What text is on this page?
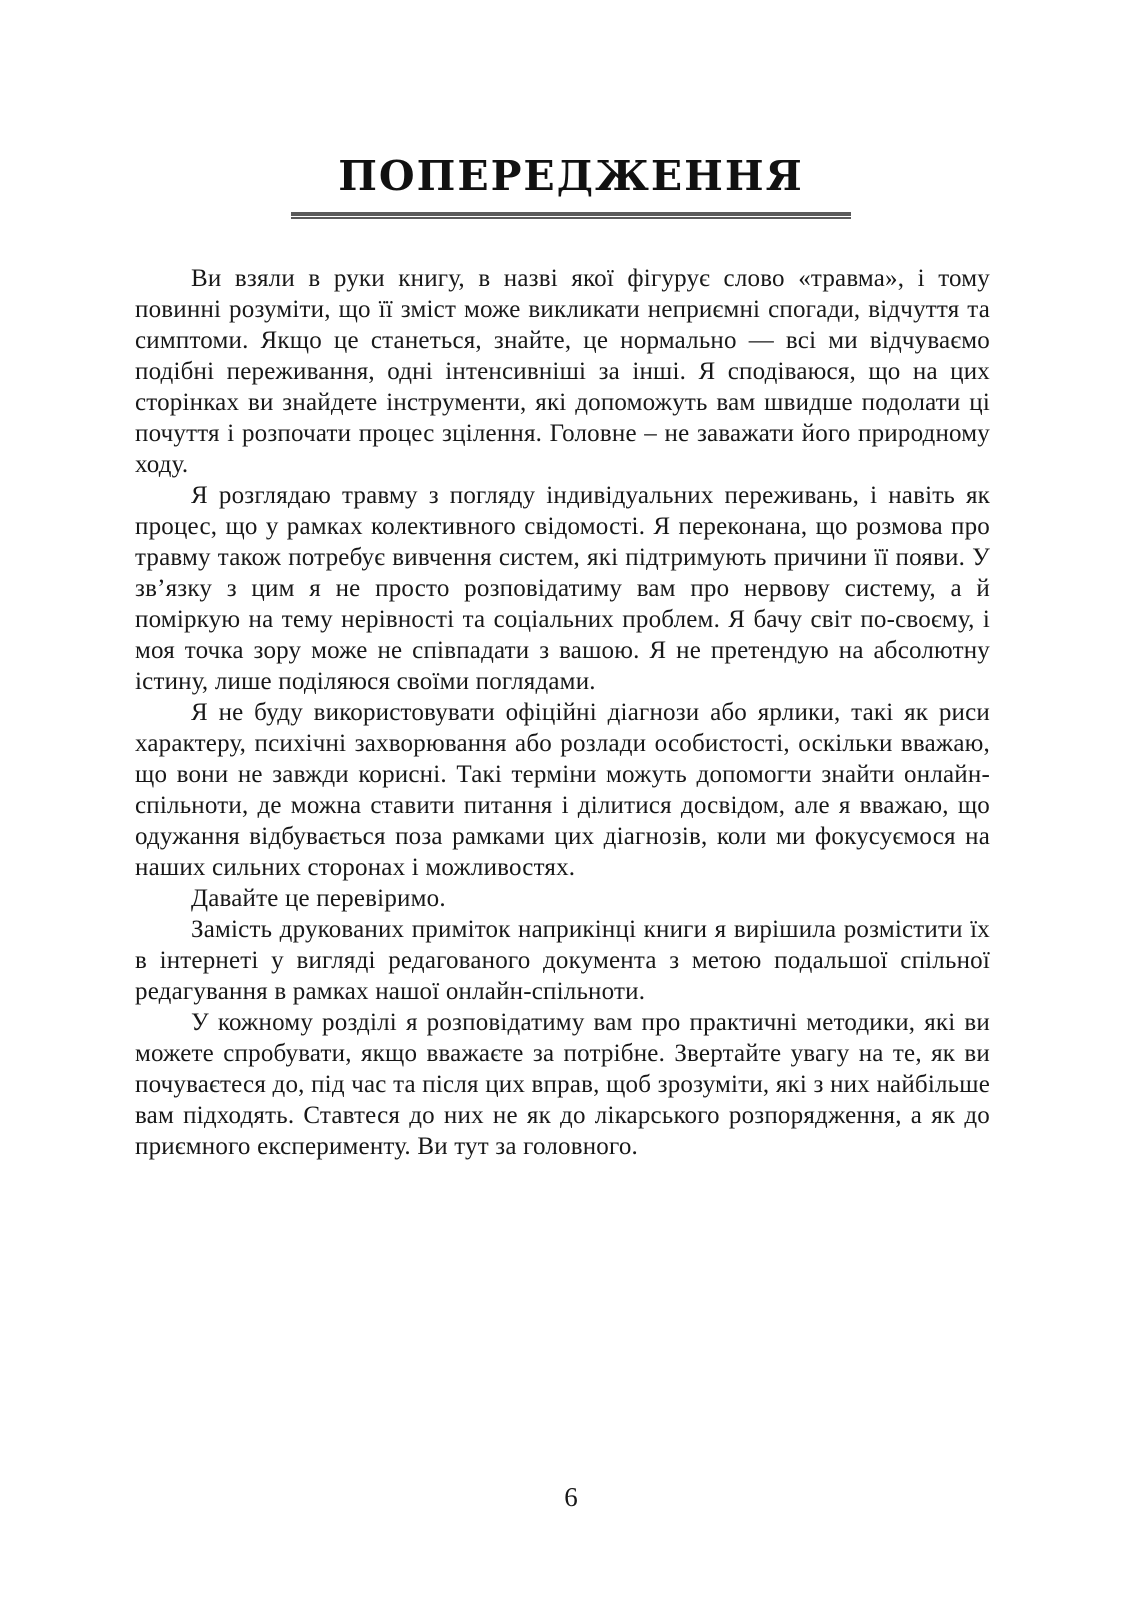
ПОПЕРЕДЖЕННЯ

Ви взяли в руки книгу, в назві якої фігурує слово «травма», і тому повинні розуміти, що її зміст може викликати неприємні спогади, відчуття та симптоми. Якщо це станеться, знайте, це нормально — всі ми відчуваємо подібні переживання, одні інтенсивніші за інші. Я сподіваюся, що на цих сторінках ви знайдете інструменти, які допоможуть вам швидше подолати ці почуття і розпочати процес зцілення. Головне – не заважати його природному ходу.

Я розглядаю травму з погляду індивідуальних переживань, і навіть як процес, що у рамках колективного свідомості. Я переконана, що розмова про травму також потребує вивчення систем, які підтримують причини її появи. У зв’язку з цим я не просто розповідатиму вам про нервову систему, а й поміркую на тему нерівності та соціальних проблем. Я бачу світ по-своєму, і моя точка зору може не співпадати з вашою. Я не претендую на абсолютну істину, лише поділяюся своїми поглядами.

Я не буду використовувати офіційні діагнози або ярлики, такі як риси характеру, психічні захворювання або розлади особистості, оскільки вважаю, що вони не завжди корисні. Такі терміни можуть допомогти знайти онлайн-спільноти, де можна ставити питання і ділитися досвідом, але я вважаю, що одужання відбувається поза рамками цих діагнозів, коли ми фокусуємося на наших сильних сторонах і можливостях.

Давайте це перевіримо.

Замість друкованих приміток наприкінці книги я вирішила розмістити їх в інтернеті у вигляді редагованого документа з метою подальшої спільної редагування в рамках нашої онлайн-спільноти.

У кожному розділі я розповідатиму вам про практичні методики, які ви можете спробувати, якщо вважаєте за потрібне. Звертайте увагу на те, як ви почуваєтеся до, під час та після цих вправ, щоб зрозуміти, які з них найбільше вам підходять. Ставтеся до них не як до лікарського розпорядження, а як до приємного експерименту. Ви тут за головного.

6
